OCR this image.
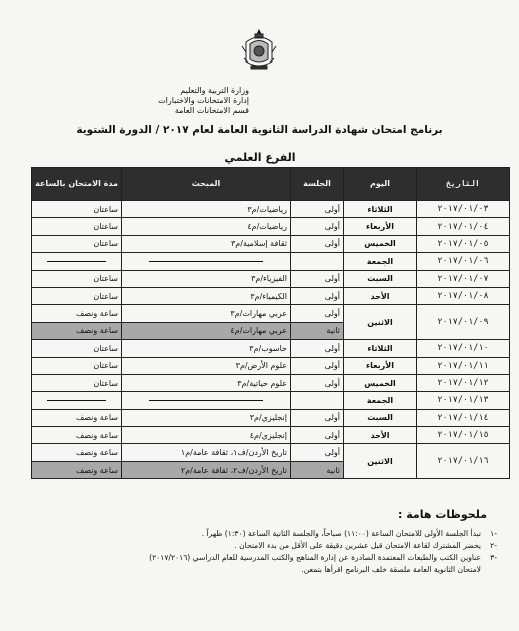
وزارة التربية والتعليم
إدارة الامتحانات والاختبارات
قسم الامتحانات العامة
برنامج امتحان شهادة الدراسة الثانوية العامة لعام ٢٠١٧ / الدورة الشتوية
الفرع العلمي
التاريخ	اليوم	الجلسة	المبحث	مدة الامتحان بالساعة
٢٠١٧/٠١/٠٣	الثلاثاء	أولى	رياضيات/م٣	ساعتان
٢٠١٧/٠١/٠٤	الأربعاء	أولى	رياضيات/م٤	ساعتان
٢٠١٧/٠١/٠٥	الخميس	أولى	ثقافة إسلامية/م٣	ساعتان
٢٠١٧/٠١/٠٦	الجمعة		

٢٠١٧/٠١/٠٧	السبت	أولى	الفيزياء/م٣	ساعتان
٢٠١٧/٠١/٠٨	الأحد	أولى	الكيمياء/م٣	ساعتان
٢٠١٧/٠١/٠٩	الاثنين	أولى	عربي مهارات/م٣	ساعة ونصف
		ثانية	عربي مهارات/م٤	ساعة ونصف
٢٠١٧/٠١/١٠	الثلاثاء	أولى	حاسوب/م٣	ساعتان
٢٠١٧/٠١/١١	الأربعاء	أولى	علوم الأرض/م٣	ساعتان
٢٠١٧/٠١/١٢	الخميس	أولى	علوم حياتية/م٣	ساعتان
٢٠١٧/٠١/١٣	الجمعة		

٢٠١٧/٠١/١٤	السبت	أولى	إنجليزي/م٣	ساعة ونصف
٢٠١٧/٠١/١٥	الأحد	أولى	إنجليزي/م٤	ساعة ونصف
٢٠١٧/٠١/١٦	الاثنين	أولى	تاريخ الأردن/ف١، ثقافة عامة/م١	ساعة ونصف
		ثانية	تاريخ الأردن/ف٢، ثقافة عامة/م٢	ساعة ونصف
ملحوظات هامة :
-١
تبدأ الجلسة الأولى للامتحان الساعة (١١:٠٠) صباحاً، والجلسة الثانية الساعة (١:٣٠) ظهراً .
-٢
يحضر المشترك لقاعة الامتحان قبل عشرين دقيقة على الأقل من بدء الامتحان .
-٣
عناوين الكتب والطبعات المعتمدة الصادرة عن إدارة المناهج والكتب المدرسية للعام الدراسي (٢٠١٧/٢٠١٦)
لامتحان الثانوية العامة ملصقة خلف البرنامج اقرأها بتمعن.
